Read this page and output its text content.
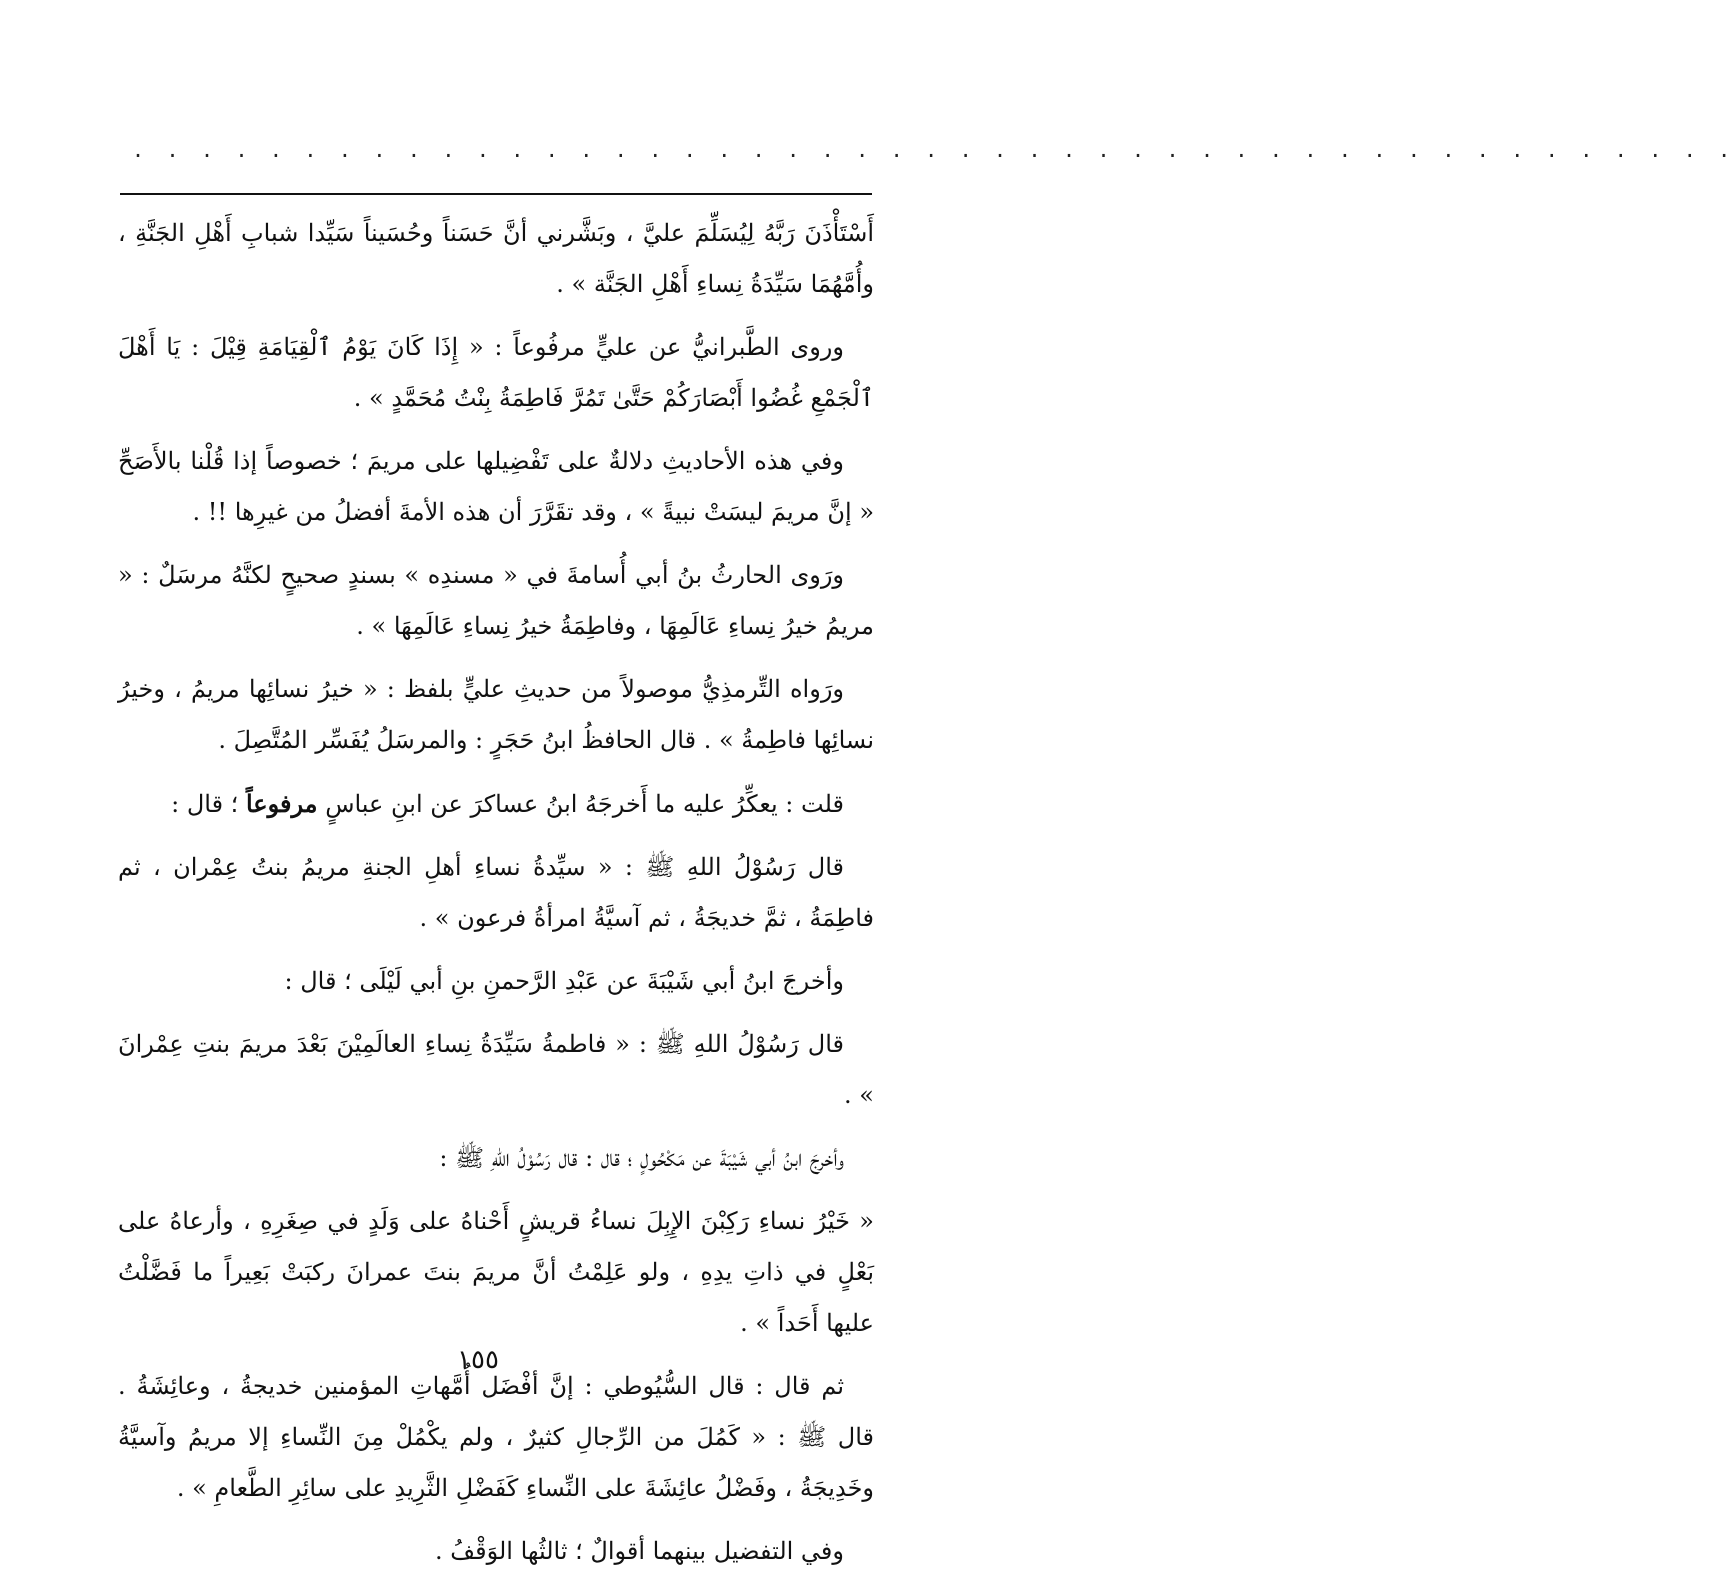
. . . . . . . . . . . . . . . . . . . . . . . . . . . . . . . . . . . . . . . . . . . . . . .

أَسْتَأْذَنَ رَبَّهُ لِيُسَلِّمَ عليَّ ، وبَشَّرني أنَّ حَسَناً وحُسَيناً سَيِّدا شبابِ أَهْلِ الجَنَّةِ ، وأُمَّهُمَا سَيِّدَةُ نِساءِ أَهْلِ الجَنَّة » .

وروى الطَّبرانيُّ عن عليٍّ مرفُوعاً : « إِذَا كَانَ يَوْمُ ٱلْقِيَامَةِ قِيْلَ : يَا أَهْلَ ٱلْجَمْعِ غُضُوا أَبْصَارَكُمْ حَتَّىٰ تَمُرَّ فَاطِمَةُ بِنْتُ مُحَمَّدٍ » .

وفي هذه الأحاديثِ دلالةٌ على تَفْضِيلها على مريمَ ؛ خصوصاً إذا قُلْنا بالأَصَحِّ « إنَّ مريمَ ليسَتْ نبيةً » ، وقد تقَرَّرَ أن هذه الأمةَ أفضلُ من غيرِها !! .

ورَوى الحارثُ بنُ أبي أُسامةَ في « مسندِه » بسندٍ صحيحٍ لكنَّهُ مرسَلٌ : « مريمُ خيرُ نِساءِ عَالَمِهَا ، وفاطِمَةُ خيرُ نِساءِ عَالَمِهَا » .

ورَواه التِّرمذِيُّ موصولاً من حديثِ عليٍّ بلفظ : « خيرُ نسائِها مريمُ ، وخيرُ نسائِها فاطِمةُ » . قال الحافظُ ابنُ حَجَرٍ : والمرسَلُ يُفَسِّر المُتَّصِلَ .

قلت : يعكِّرُ عليه ما أَخرجَهُ ابنُ عساكرَ عن ابنِ عباسٍ مرفوعاً ؛ قال :

قال رَسُوْلُ اللهِ ﷺ : « سيِّدةُ نساءِ أهلِ الجنةِ مريمُ بنتُ عِمْران ، ثم فاطِمَةُ ، ثمَّ خديجَةُ ، ثم آسيَّةُ امرأةُ فرعون » .

وأخرجَ ابنُ أبي شَيْبَةَ عن عَبْدِ الرَّحمنِ بنِ أبي لَيْلَى ؛ قال :

قال رَسُوْلُ اللهِ ﷺ : « فاطمةُ سَيِّدَةُ نِساءِ العالَمِيْنَ بَعْدَ مريمَ بنتِ عِمْرانَ » .

وأخرجَ ابنُ أبي شَيْبَةَ عن مَكْحُولٍ ؛ قال : قال رَسُوْلُ اللهِ ﷺ :

« خَيْرُ نساءِ رَكِبْنَ الإِبِلَ نساءُ قريشٍ أَحْناهُ على وَلَدٍ في صِغَرِهِ ، وأرعاهُ على بَعْلٍ في ذاتِ يدِهِ ، ولو عَلِمْتُ أنَّ مريمَ بنتَ عمرانَ ركبَتْ بَعِيراً ما فَضَّلْتُ عليها أَحَداً » .

ثم قال : قال السُّيُوطي : إنَّ أفْضَل أُمَّهاتِ المؤمنين خديجةُ ، وعائِشَةُ . قال ﷺ : « كَمُلَ من الرِّجالِ كثيرٌ ، ولم يكْمُلْ مِنَ النِّساءِ إلا مريمُ وآسيَّةُ وخَدِيجَةُ ، وفَضْلُ عائِشَةَ على النِّساءِ كَفَضْلِ الثَّرِيدِ على سائِرِ الطَّعامِ » .

وفي التفضيل بينهما أقوالٌ ؛ ثالثُها الوَقْفُ .

١٥٥
